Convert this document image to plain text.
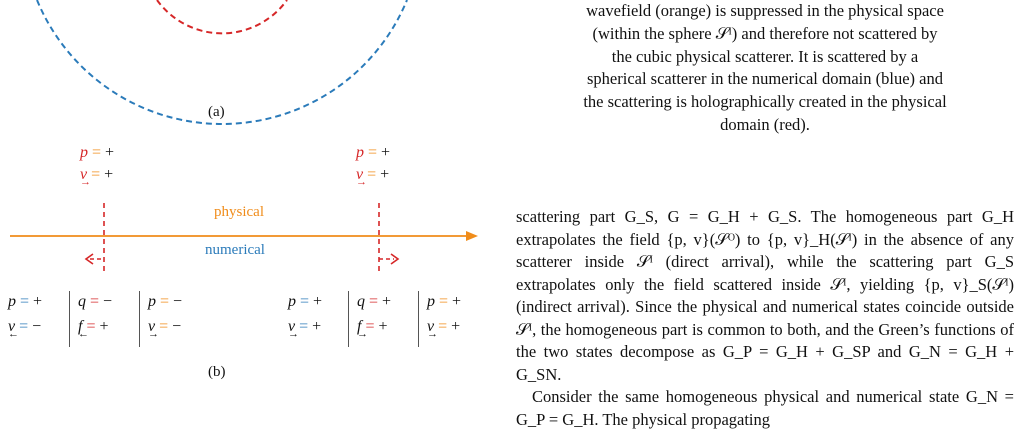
(a)
(b)
physical
numerical
p = +
v → = +
p = +
v → = +
p = +
v ← = −
q = −
f ← = +
p = −
v → = −
p = +
v → = +
q = +
f → = +
p = +
v → = +
wavefield (orange) is suppressed in the physical space
(within the sphere 𝒮ᴵ) and therefore not scattered by
the cubic physical scatterer. It is scattered by a
spherical scatterer in the numerical domain (blue) and
the scattering is holographically created in the physical
domain (red).

scattering part G_S, G = G_H + G_S. The homogeneous part G_H extrapolates the field {p, v}(𝒮ᴼ) to {p, v}_H(𝒮ᴵ) in the absence of any scatterer inside 𝒮ᴵ (direct arrival), while the scattering part G_S extrapolates only the field scattered inside 𝒮ᴵ, yielding {p, v}_S(𝒮ᴵ) (indirect arrival). Since the physical and numerical states coincide outside 𝒮ᴵ, the homogeneous part is common to both, and the Green’s functions of the two states decompose as G_P = G_H + G_SP and G_N = G_H + G_SN.

Consider the same homogeneous physical and numerical state G_N = G_P = G_H. The physical propagating
